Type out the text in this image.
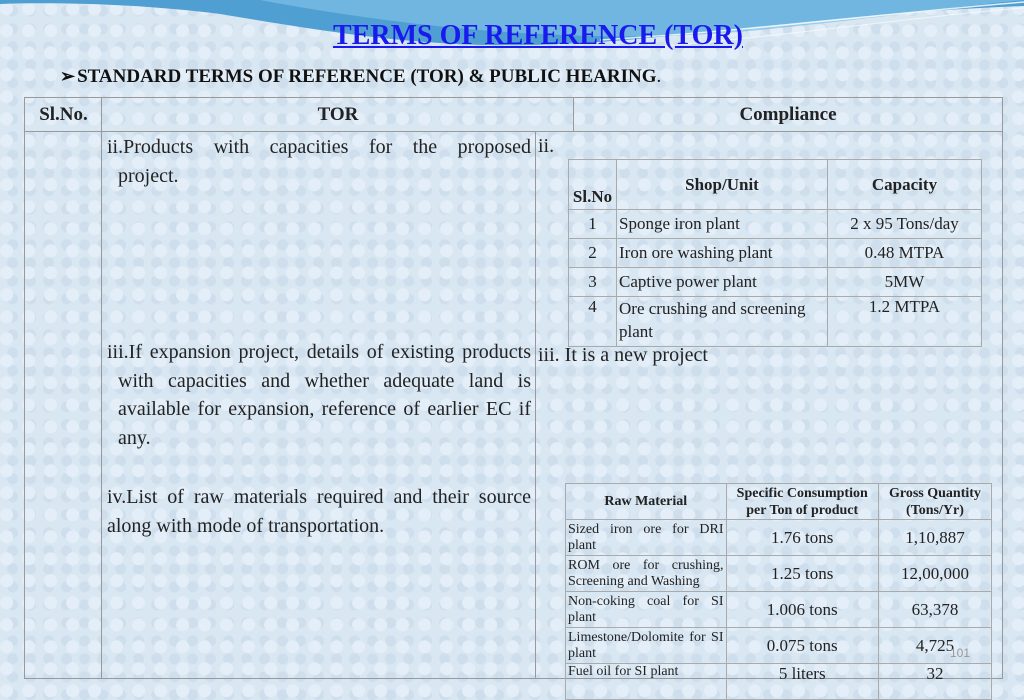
TERMS OF REFERENCE (TOR)
➢ STANDARD TERMS OF REFERENCE (TOR) & PUBLIC HEARING.
Sl.No.	TOR	Compliance
ii.Products with capacities for the proposed
project.
iii.If expansion project, details of existing products with capacities and whether adequate land is available for expansion, reference of earlier EC if any.
iv.List of raw materials required and their source along with mode of transportation.
ii.
iii. It is a new project
Sl.No	Shop/Unit	Capacity
1	Sponge iron plant	2 x 95 Tons/day
2	Iron ore washing plant	0.48 MTPA
3	Captive power plant	5MW
4	Ore crushing and screening plant	1.2 MTPA
Raw Material	Specific Consumption per Ton of product	Gross Quantity (Tons/Yr)
Sized iron ore for DRI plant	1.76 tons	1,10,887
ROM ore for crushing, Screening and Washing	1.25 tons	12,00,000
Non-coking coal for SI plant	1.006 tons	63,378
Limestone/Dolomite for SI plant	0.075 tons	4,725
Fuel oil for SI plant	5 liters	32
101
